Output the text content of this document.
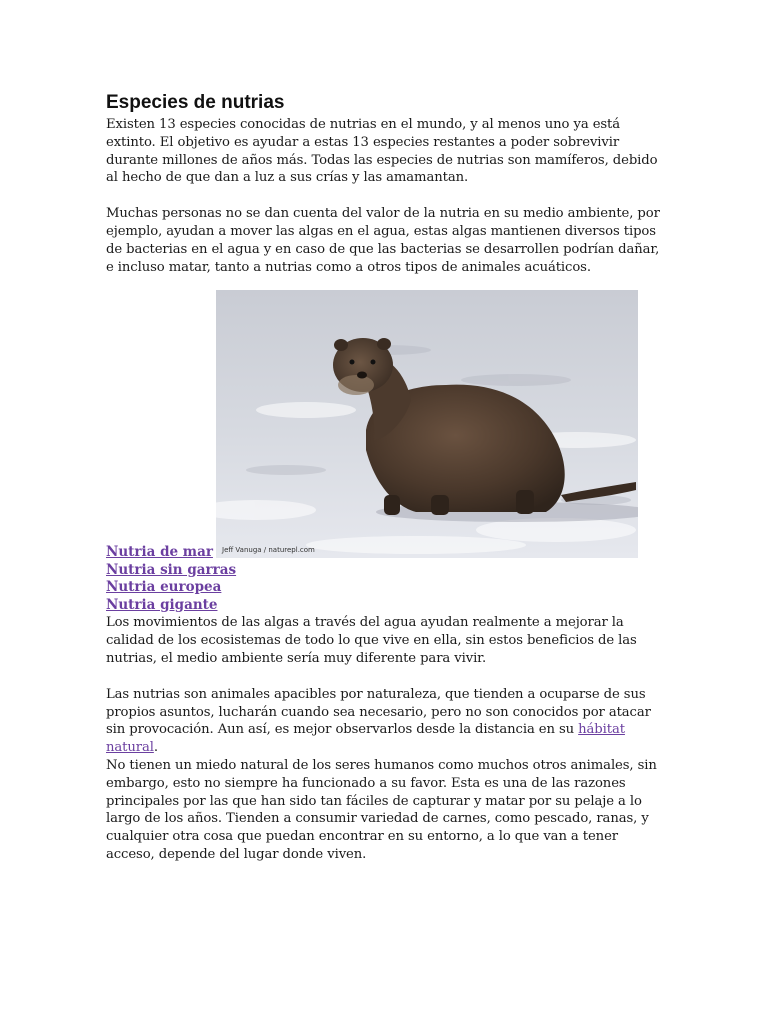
Especies de nutrias

Existen 13 especies conocidas de nutrias en el mundo, y al menos uno ya está extinto. El objetivo es ayudar a estas 13 especies restantes a poder sobrevivir durante millones de años más. Todas las especies de nutrias son mamíferos, debido al hecho de que dan a luz a sus crías y las amamantan.

Muchas personas no se dan cuenta del valor de la nutria en su medio ambiente, por ejemplo, ayudan a mover las algas en el agua, estas algas mantienen diversos tipos de bacterias en el agua y en caso de que las bacterias se desarrollen podrían dañar, e incluso matar, tanto a nutrias como a otros tipos de animales acuáticos.

Jeff Vanuga / naturepl.com
Nutria de mar
Nutria sin garras
Nutria europea
Nutria gigante

Los movimientos de las algas a través del agua ayudan realmente a mejorar la calidad de los ecosistemas de todo lo que vive en ella, sin estos beneficios de las nutrias, el medio ambiente sería muy diferente para vivir.

Las nutrias son animales apacibles por naturaleza, que tienden a ocuparse de sus propios asuntos, lucharán cuando sea necesario, pero no son conocidos por atacar sin provocación. Aun así, es mejor observarlos desde la distancia en su hábitat natural.

No tienen un miedo natural de los seres humanos como muchos otros animales, sin embargo, esto no siempre ha funcionado a su favor. Esta es una de las razones principales por las que han sido tan fáciles de capturar y matar por su pelaje a lo largo de los años. Tienden a consumir variedad de carnes, como pescado, ranas, y cualquier otra cosa que puedan encontrar en su entorno, a lo que van a tener acceso, depende del lugar donde viven.
